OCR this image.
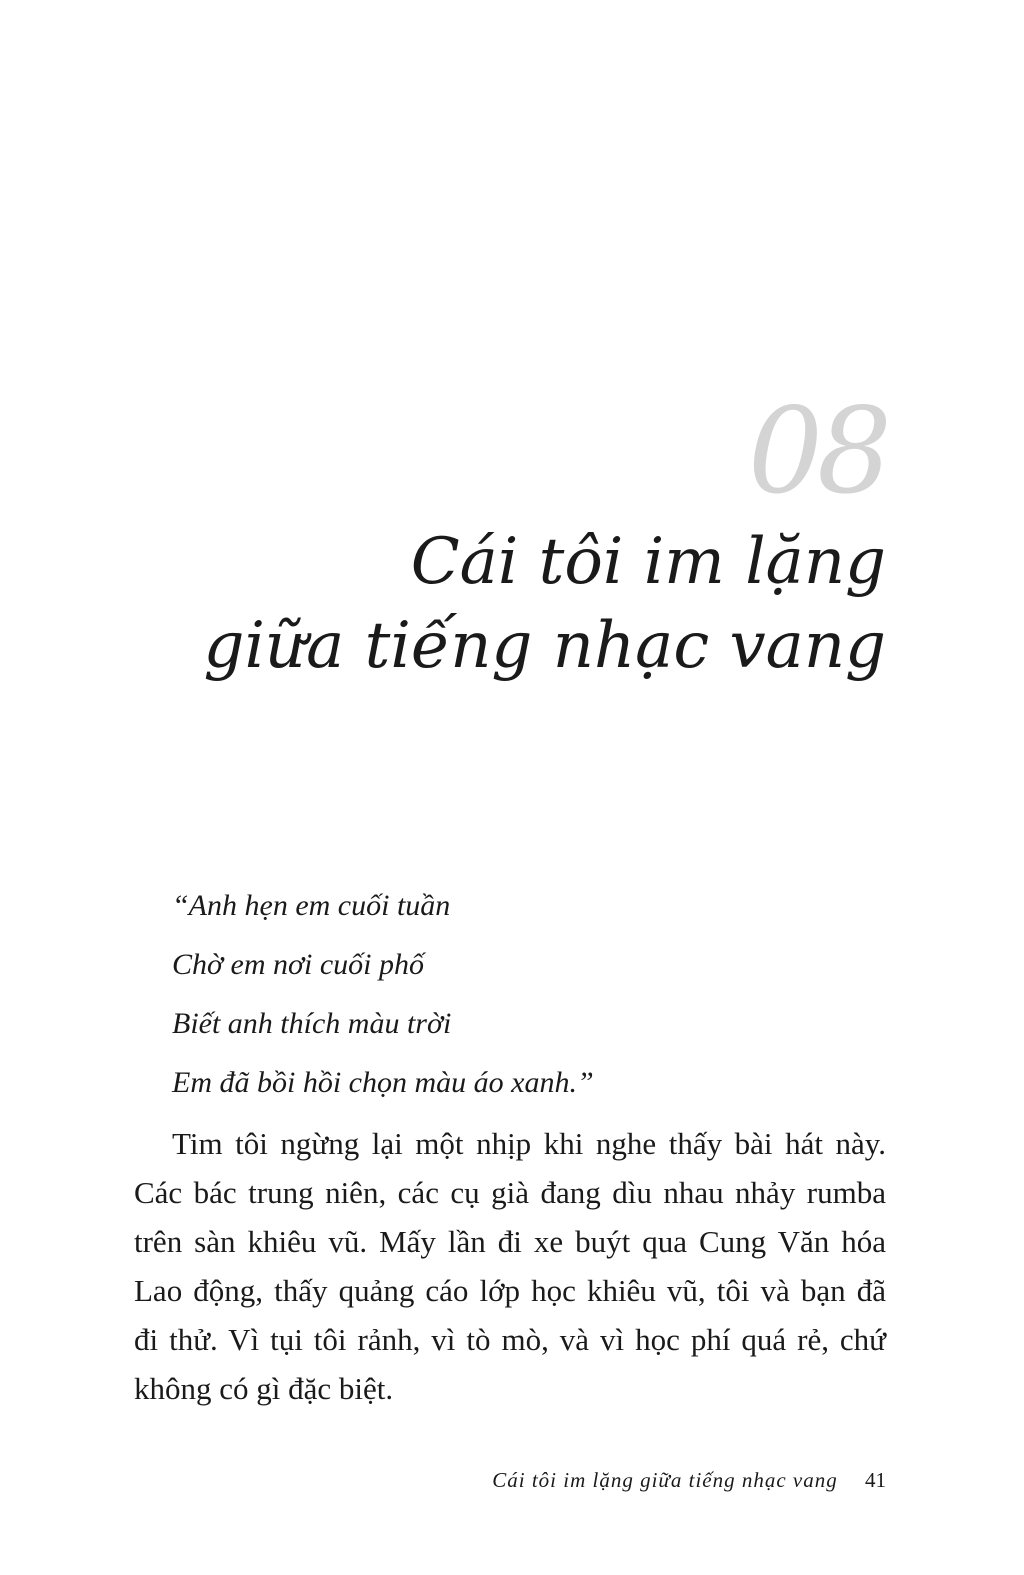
08
Cái tôi im lặng
giữa tiếng nhạc vang
“Anh hẹn em cuối tuần
Chờ em nơi cuối phố
Biết anh thích màu trời
Em đã bồi hồi chọn màu áo xanh.”
Tim tôi ngừng lại một nhịp khi nghe thấy bài hát này.
Các bác trung niên, các cụ già đang dìu nhau nhảy rumba
trên sàn khiêu vũ. Mấy lần đi xe buýt qua Cung Văn hóa
Lao động, thấy quảng cáo lớp học khiêu vũ, tôi và bạn đã
đi thử. Vì tụi tôi rảnh, vì tò mò, và vì học phí quá rẻ, chứ
không có gì đặc biệt.
Cái tôi im lặng giữa tiếng nhạc vang 41
